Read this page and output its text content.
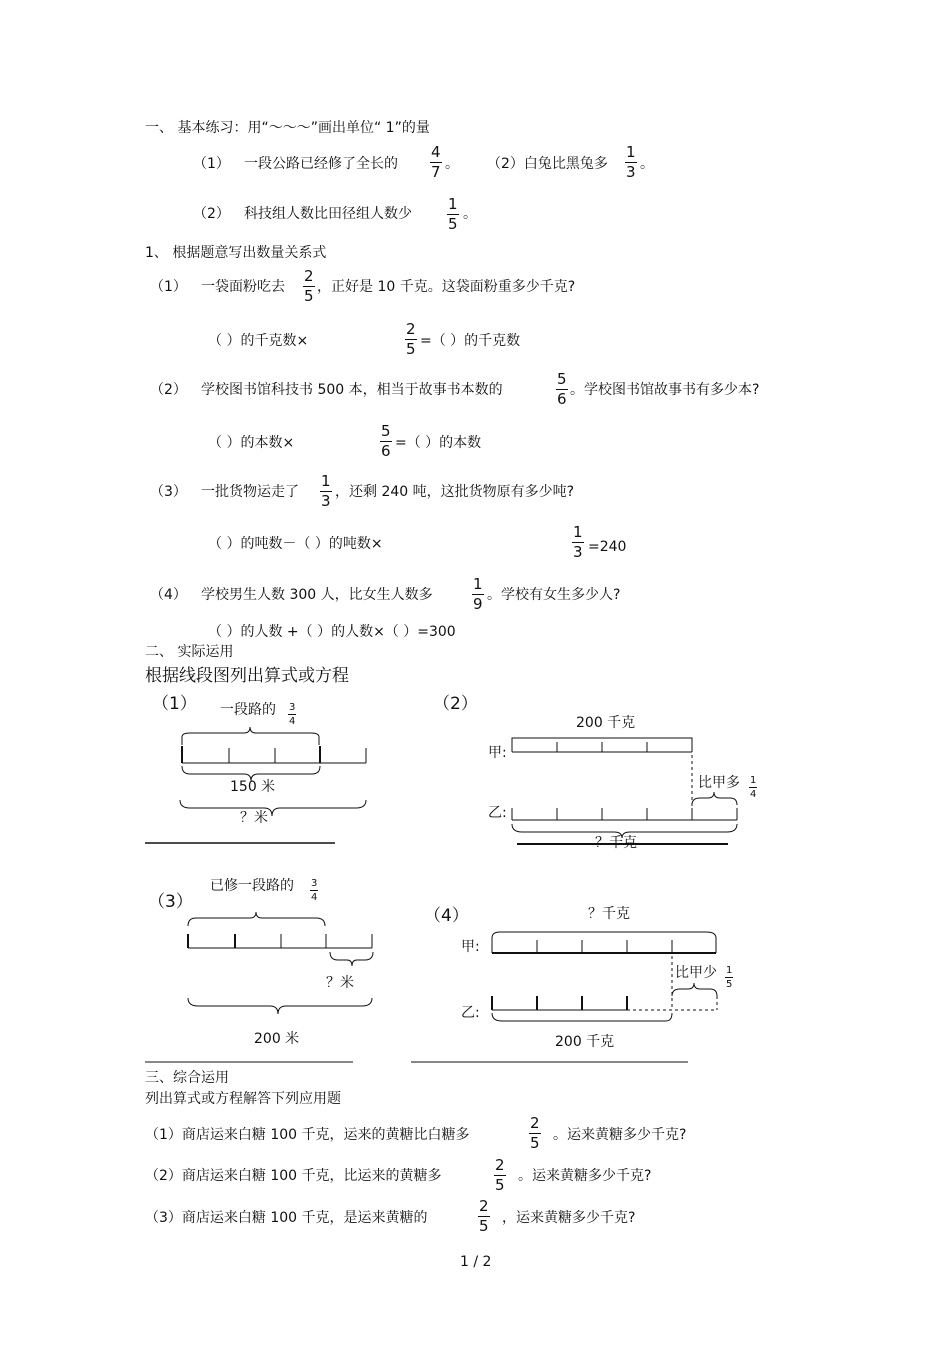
一、 基本练习：用“～～～”画出单位“ 1”的量
（1） 一段公路已经修了全长的 $\frac{4}{7}$ 。 （2）白兔比黑兔多 $\frac{1}{3}$ 。
（2） 科技组人数比田径组人数少 $\frac{1}{5}$ 。
1、 根据题意写出数量关系式
（1） 一袋面粉吃去 $\frac{2}{5}$ ，正好是 10 千克。这袋面粉重多少千克?
（ ）的千克数×	$\frac{2}{5}$ =（ ）的千克数
（2） 学校图书馆科技书 500 本，相当于故事书本数的	$\frac{5}{6}$ 。学校图书馆故事书有多少本?
（ ）的本数×	$\frac{5}{6}$ =（ ）的本数
（3） 一批货物运走了 $\frac{1}{3}$ ，还剩 240 吨，这批货物原有多少吨?
（ ）的吨数－（ ）的吨数×	$\frac{1}{3} =240$
（4） 学校男生人数 300 人，比女生人数多	$\frac{1}{9}$ 。学校有女生多少人?
（ ）的人数 +（ ）的人数×（ ）=300
二、 实际运用
根据线段图列出算式或方程
（1） 一段路的 $\frac{3}{4}$
150 米
？米
（2）
200 千克
甲:
乙:
比甲多 $\frac{1}{4}$
？千克
（3）
已修一段路的 $\frac{3}{4}$
？米
200 米
（4）	？千克
甲:
乙:
比甲少 $\frac{1}{5}$
200 千克
三、综合运用
列出算式或方程解答下列应用题
（1）商店运来白糖 100 千克，运来的黄糖比白糖多	$\frac{2}{5}$ 。运来黄糖多少千克?
（2）商店运来白糖 100 千克，比运来的黄糖多	$\frac{2}{5}$ 。运来黄糖多少千克?
（3）商店运来白糖 100 千克，是运来黄糖的	$\frac{2}{5}$ ，运来黄糖多少千克?
1 / 2
